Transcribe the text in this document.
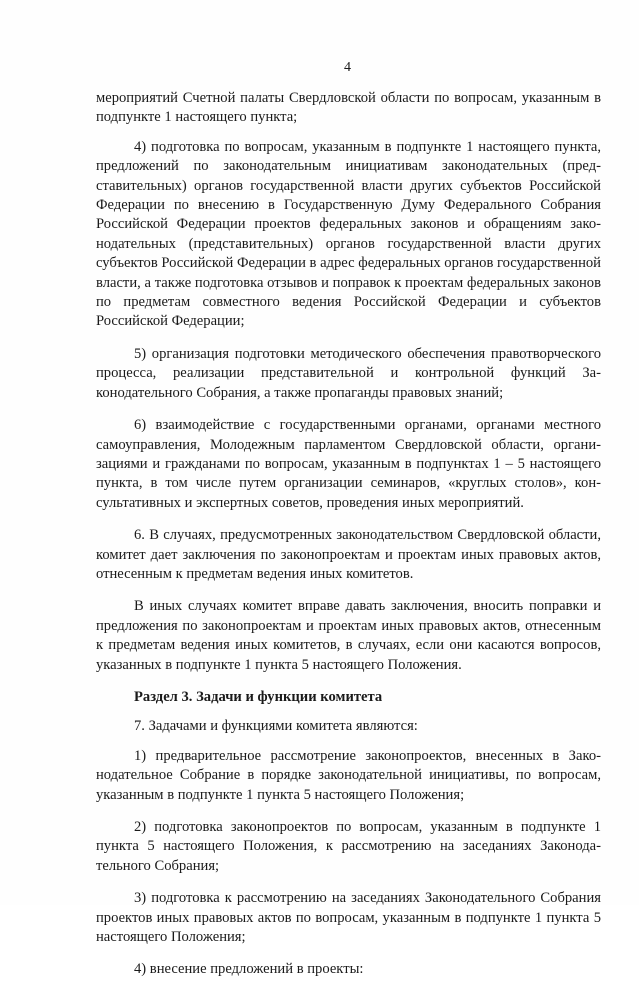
4

мероприятий Счетной палаты Свердловской области по вопросам, указанным в подпункте 1 настоящего пункта;

4) подготовка по вопросам, указанным в подпункте 1 настоящего пункта, предложений по законодательным инициативам законодательных (представительных) органов государственной власти других субъектов Российской Федерации по внесению в Государственную Думу Федерального Собрания Российской Федерации проектов федеральных законов и обращениям законодательных (представительных) органов государственной власти других субъектов Российской Федерации в адрес федеральных органов государственной власти, а также подготовка отзывов и поправок к проектам федеральных законов по предметам совместного ведения Российской Федерации и субъектов Российской Федерации;

5) организация подготовки методического обеспечения правотворческого процесса, реализации представительной и контрольной функций Законодательного Собрания, а также пропаганды правовых знаний;

6) взаимодействие с государственными органами, органами местного самоуправления, Молодежным парламентом Свердловской области, организациями и гражданами по вопросам, указанным в подпунктах 1 – 5 настоящего пункта, в том числе путем организации семинаров, «круглых столов», консультативных и экспертных советов, проведения иных мероприятий.

6. В случаях, предусмотренных законодательством Свердловской области, комитет дает заключения по законопроектам и проектам иных правовых актов, отнесенным к предметам ведения иных комитетов.

В иных случаях комитет вправе давать заключения, вносить поправки и предложения по законопроектам и проектам иных правовых актов, отнесенным к предметам ведения иных комитетов, в случаях, если они касаются вопросов, указанных в подпункте 1 пункта 5 настоящего Положения.

Раздел 3. Задачи и функции комитета

7. Задачами и функциями комитета являются:

1) предварительное рассмотрение законопроектов, внесенных в Законодательное Собрание в порядке законодательной инициативы, по вопросам, указанным в подпункте 1 пункта 5 настоящего Положения;

2) подготовка законопроектов по вопросам, указанным в подпункте 1 пункта 5 настоящего Положения, к рассмотрению на заседаниях Законодательного Собрания;

3) подготовка к рассмотрению на заседаниях Законодательного Собрания проектов иных правовых актов по вопросам, указанным в подпункте 1 пункта 5 настоящего Положения;

4) внесение предложений в проекты:
